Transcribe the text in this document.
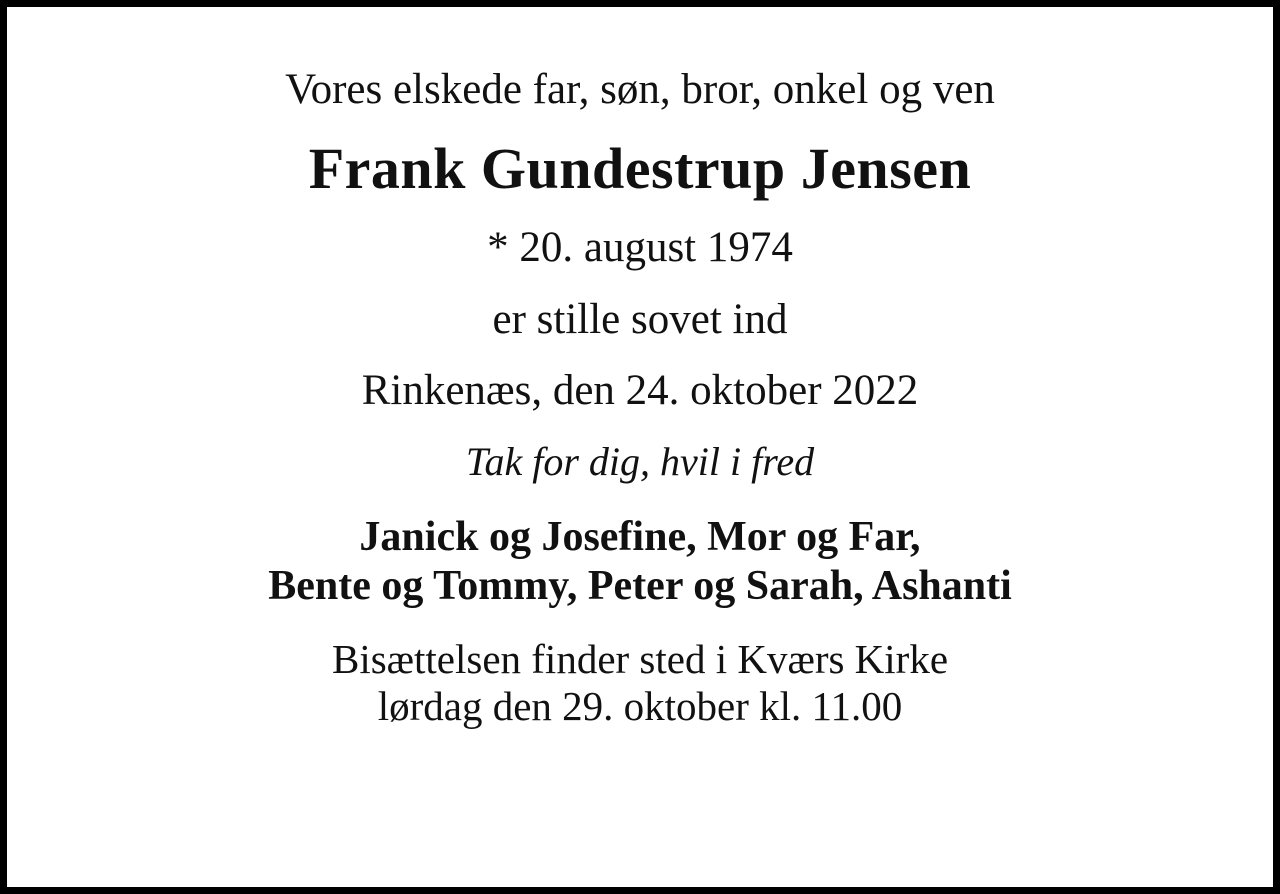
Vores elskede far, søn, bror, onkel og ven
Frank Gundestrup Jensen
* 20. august 1974
er stille sovet ind
Rinkenæs, den 24. oktober 2022
Tak for dig, hvil i fred
Janick og Josefine, Mor og Far,
Bente og Tommy, Peter og Sarah, Ashanti
Bisættelsen finder sted i Kværs Kirke
lørdag den 29. oktober kl. 11.00
